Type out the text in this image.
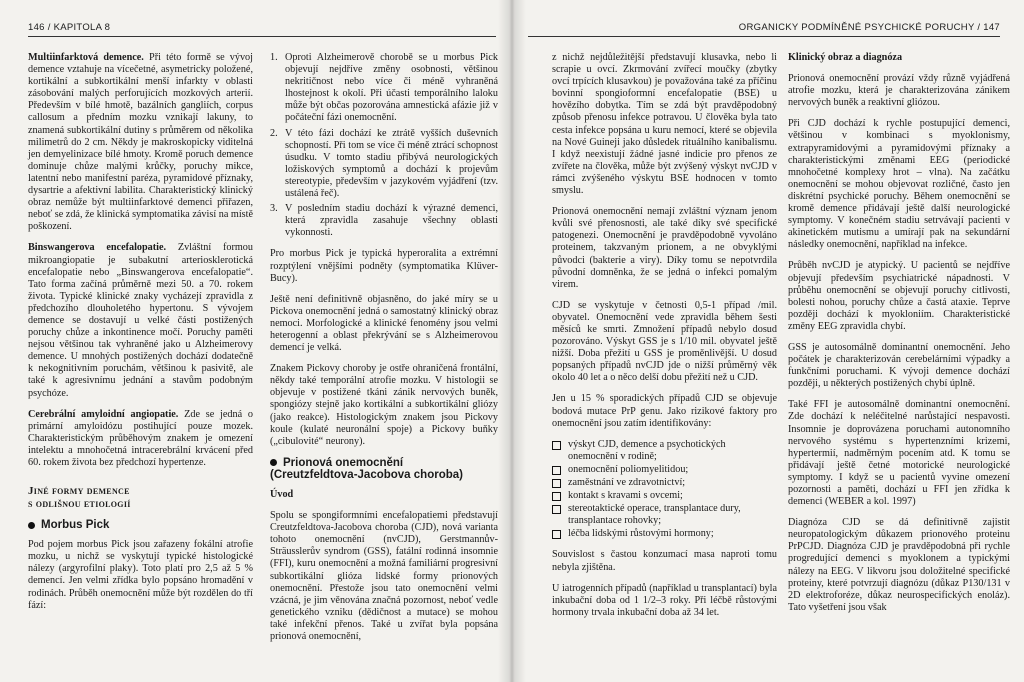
146 / KAPITOLA 8

Multiinfarktová demence. Při této formě se vývoj demence vztahuje na vícečetné, asymetricky položené, kortikální a subkortikální menší infarkty v oblasti zásobování malých perforujících mozkových arterií. Především v bílé hmotě, bazálních gangliích, corpus callosum a předním mozku vznikají lakuny, to znamená subkortikální dutiny s průměrem od několika milimetrů do 2 cm. Někdy je makroskopicky viditelná jen demyelinizace bílé hmoty. Kromě poruch demence dominuje chůze malými krůčky, poruchy mikce, latentní nebo manifestní paréza, pyramidové příznaky, dysartrie a afektivní labilita. Charakteristický klinický obraz nemůže být multiinfarktové demenci přiřazen, neboť se zdá, že klinická symptomatika závisí na místě poškození.

Binswangerova encefalopatie. Zvláštní formou mikroangiopatie je subakutní arteriosklerotická encefalopatie nebo „Binswangerova encefalopatie“. Tato forma začíná průměrně mezi 50. a 70. rokem života. Typické klinické znaky vycházejí zpravidla z předchozího dlouholetého hypertonu. S vývojem demence se dostavují u velké části postižených poruchy chůze a inkontinence močí. Poruchy paměti nejsou většinou tak vyhraněné jako u Alzheimerovy demence. U mnohých postižených dochází dodatečně k nekognitivním poruchám, většinou k pasivitě, ale také k agresivnímu jednání a stavům podobným psychóze.

Cerebrální amyloidní angiopatie. Zde se jedná o primární amyloidózu postihující pouze mozek. Charakteristickým průběhovým znakem je omezení intelektu a mnohočetná intracerebrální krvácení před 60. rokem života bez předchozí hypertenze.

Jiné formy demence
s odlišnou etiologií
Morbus Pick

Pod pojem morbus Pick jsou zařazeny fokální atrofie mozku, u nichž se vyskytují typické histologické nálezy (argyrofilní plaky). Toto platí pro 2,5 až 5 % demencí. Jen velmi zřídka bylo popsáno hromadění v rodinách. Průběh onemocnění může být rozdělen do tří fází:

1. Oproti Alzheimerově chorobě se u morbus Pick objevují nejdříve změny osobnosti, většinou nekritičnost nebo více či méně vyhraněná lhostejnost k okolí. Při účasti temporálního laloku může být občas pozorována amnestická afázie již v počáteční fázi onemocnění.
2. V této fázi dochází ke ztrátě vyšších duševních schopností. Při tom se více či méně ztrácí schopnost úsudku. V tomto stadiu přibývá neurologických ložiskových symptomů a dochází k projevům stereotypie, především v jazykovém vyjádření (tzv. ustálená řeč).
3. V posledním stadiu dochází k výrazné demenci, která zpravidla zasahuje všechny oblasti vykonnosti.

Pro morbus Pick je typická hyperoralita a extrémní rozptýlení vnějšími podněty (symptomatika Klüver-Bucy).

Ještě není definitivně objasněno, do jaké míry se u Pickova onemocnění jedná o samostatný klinický obraz nemoci. Morfologické a klinické fenomény jsou velmi heterogenní a oblast překrývání se s Alzheimerovou demencí je velká.

Znakem Pickovy choroby je ostře ohraničená frontální, někdy také temporální atrofie mozku. V histologii se objevuje v postižené tkáni zánik nervových buněk, spongiózy stejně jako kortikální a subkortikální gliózy (jako reakce). Histologickým znakem jsou Pickovy koule (kulaté neuronální spoje) a Pickovy buňky („cibulovité“ neurony).

Prionová onemocnění
(Creutzfeldtova-Jacobova choroba)

Úvod

Spolu se spongiformními encefalopatiemi představují Creutzfeldtova-Jacobova choroba (CJD), nová varianta tohoto onemocnění (nvCJD), Gerstmannův-Sträusslerův syndrom (GSS), fatální rodinná insomnie (FFI), kuru onemocnění a možná familiární progresivní subkortikální glióza lidské formy prionových onemocnění. Přestože jsou tato onemocnění velmi vzácná, je jim věnována značná pozornost, neboť vedle genetického vzniku (dědičnost a mutace) se mohou také infekční přenos. Také u zvířat byla popsána prionová onemocnění,

ORGANICKY PODMÍNĚNÉ PSYCHICKÉ PORUCHY / 147

z nichž nejdůležitější představují klusavka, nebo li scrapie u ovcí. Zkrmování zvířecí moučky (zbytky ovcí trpících klusavkou) je považována také za příčinu bovinní spongioformní encefalopatie (BSE) u hovězího dobytka. Tím se zdá být pravděpodobný způsob přenosu infekce potravou. U člověka byla tato cesta infekce popsána u kuru nemocí, které se objevila na Nové Guineji jako důsledek rituálního kanibalismu. I když neexistují žádné jasné indicie pro přenos ze zvířete na člověka, může být zvýšený výskyt nvCJD v rámci zvýšeného výskytu BSE hodnocen v tomto smyslu.

Prionová onemocnění nemají zvláštní význam jenom kvůli své přenosnosti, ale také díky své specifické patogenezi. Onemocnění je pravděpodobně vyvoláno proteinem, takzvaným prionem, a ne obvyklými původci (bakterie a viry). Díky tomu se nepotvrdila původní domněnka, že se jedná o infekci pomalým virem.

CJD se vyskytuje v četnosti 0,5-1 případ /mil. obyvatel. Onemocnění vede zpravidla během šesti měsíců ke smrti. Zmnožení případů nebylo dosud pozorováno. Výskyt GSS je s 1/10 mil. obyvatel ještě nižší. Doba přežití u GSS je proměnlivější. U dosud popsaných případů nvCJD jde o nižší průměrný věk okolo 40 let a o něco delší dobu přežití než u CJD.

Jen u 15 % sporadických případů CJD se objevuje bodová mutace PrP genu. Jako rizikové faktory pro onemocnění jsou zatím identifikovány:

výskyt CJD, demence a psychotických onemocnění v rodině;
onemocnění poliomyelitidou;
zaměstnání ve zdravotnictví;
kontakt s kravami s ovcemi;
stereotaktické operace, transplantace dury, transplantace rohovky;
léčba lidskými růstovými hormony;

Souvislost s častou konzumací masa naproti tomu nebyla zjištěna.

U iatrogenních případů (například u transplantací) byla inkubační doba od 1 1/2–3 roky. Při léčbě růstovými hormony trvala inkubační doba až 34 let.

Klinický obraz a diagnóza

Prionová onemocnění provází vždy různě vyjádřená atrofie mozku, která je charakterizována zánikem nervových buněk a reaktivní gliózou.

Při CJD dochází k rychle postupující demenci, většinou v kombinaci s myoklonismy, extrapyramidovými a pyramidovými příznaky a charakteristickými změnami EEG (periodické mnohočetné komplexy hrot – vlna). Na začátku onemocnění se mohou objevovat rozličné, často jen diskrétní psychické poruchy. Během onemocnění se kromě demence přidávají ještě další neurologické symptomy. V konečném stadiu setrvávají pacienti v akinetickém mutismu a umírají pak na sekundární následky onemocnění, například na infekce.

Průběh nvCJD je atypický. U pacientů se nejdříve objevují především psychiatrické nápadnosti. V průběhu onemocnění se objevují poruchy citlivosti, bolesti nohou, poruchy chůze a častá ataxie. Teprve později dochází k myokloniím. Charakteristické změny EEG zpravidla chybí.

GSS je autosomálně dominantní onemocnění. Jeho počátek je charakterizován cerebelárními výpadky a funkčními poruchami. K vývoji demence dochází později, u některých postižených chybí úplně.

Také FFI je autosomálně dominantní onemocnění. Zde dochází k neléčitelné narůstající nespavosti. Insomnie je doprovázena poruchami autonomního nervového systému s hypertenzními krizemi, hypertermií, nadměrným pocením atd. K tomu se přidávají ještě četné motorické neurologické symptomy. I když se u pacientů vyvine omezení pozornosti a paměti, dochází u FFI jen zřídka k demenci (WEBER a kol. 1997)

Diagnóza CJD se dá definitivně zajistit neuropatologickým důkazem prionového proteinu PrPCJD. Diagnóza CJD je pravděpodobná při rychle progredující demenci s myoklonem a typickými nálezy na EEG. V likvoru jsou doložitelné specifické proteiny, které potvrzují diagnózu (důkaz P130/131 v 2D elektroforéze, důkaz neurospecifických enoláz). Tato vyšetření jsou však
